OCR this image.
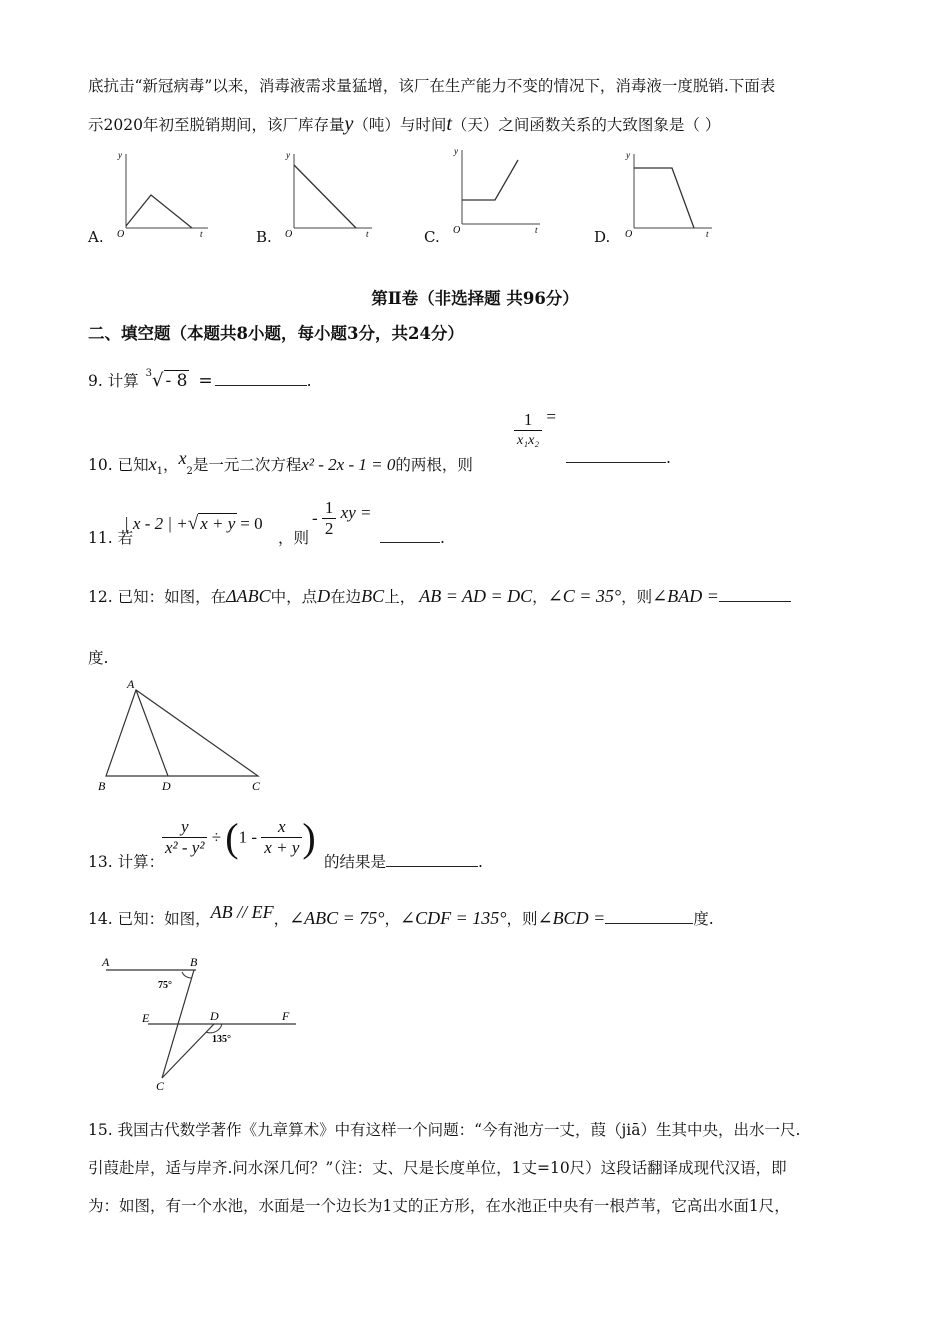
底抗击“新冠病毒”以来，消毒液需求量猛增，该厂在生产能力不变的情况下，消毒液一度脱销.下面表
示2020年初至脱销期间，该厂库存量y（吨）与时间t（天）之间函数关系的大致图象是（ ）
y
t
O
y
t
O
y
t
O
y
t
O
A.	B.	C.	D.
第Ⅱ卷（非选择题 共96分）
二、填空题（本题共8小题，每小题3分，共24分）
9. 计算 $^3$√ - 8 =	.
10. 已知$x_1$，$x_2$是一元二次方程x² - 2x - 1 = 0的两根，则
$\frac{1}{\text{x₁x₂}}$ =
.
11. 若
| x - 2 | +√ x + y = 0
，则
- $\frac{1}{2}$ xy =
.
12. 已知：如图，在ΔABC中，点D在边BC上， AB = AD = DC，∠C = 35°，则∠BAD =
度.
A
B	D	C
13. 计算：
$\frac{y}{\text{x² - y²}} \div (1 - \frac{x}{x + y}$ )
的结果是	.
14. 已知：如图，AB // EF，∠ABC = 75°，∠CDF = 135°，则∠BCD =	度.
A	B
75°
E	D	F
135°
C
15. 我国古代数学著作《九章算术》中有这样一个问题：“今有池方一丈，葭（jiā）生其中央，出水一尺.
引葭赴岸，适与岸齐.问水深几何？”（注：丈、尺是长度单位，1丈=10尺）这段话翻译成现代汉语，即
为：如图，有一个水池，水面是一个边长为1丈的正方形，在水池正中央有一根芦苇，它高出水面1尺，
